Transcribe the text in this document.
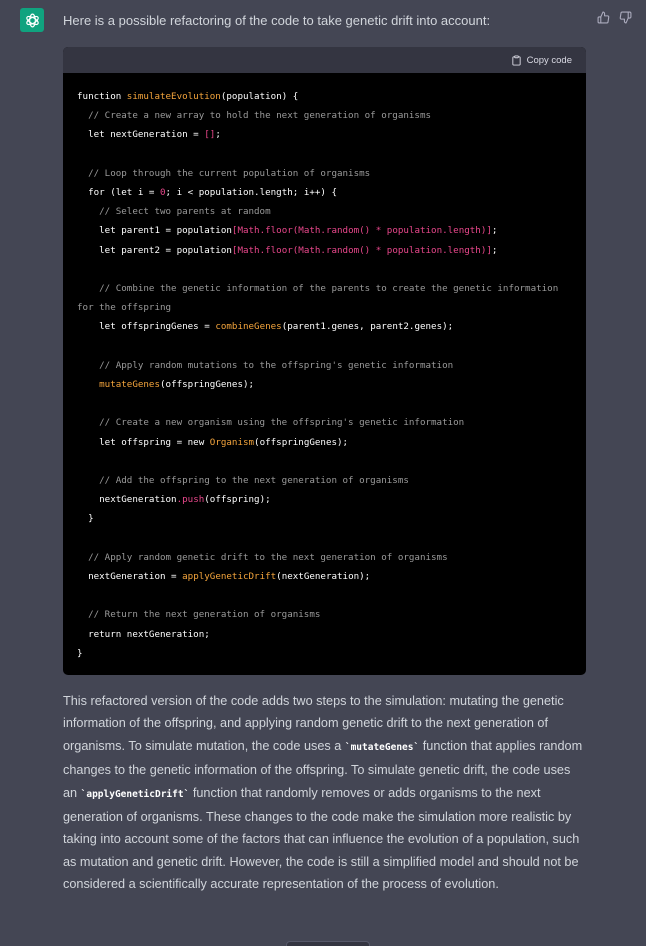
Here is a possible refactoring of the code to take genetic drift into account:
Copy code
function simulateEvolution(population) {
// Create a new array to hold the next generation of organisms
let nextGeneration = [];
// Loop through the current population of organisms
for (let i = 0; i < population.length; i++) {
// Select two parents at random
let parent1 = population[Math.floor(Math.random() * population.length)];
let parent2 = population[Math.floor(Math.random() * population.length)];
// Combine the genetic information of the parents to create the genetic information for the offspring
let offspringGenes = combineGenes(parent1.genes, parent2.genes);
// Apply random mutations to the offspring's genetic information
mutateGenes(offspringGenes);
// Create a new organism using the offspring's genetic information
let offspring = new Organism(offspringGenes);
// Add the offspring to the next generation of organisms
nextGeneration.push(offspring);
}
// Apply random genetic drift to the next generation of organisms
nextGeneration = applyGeneticDrift(nextGeneration);
// Return the next generation of organisms
return nextGeneration;
}
This refactored version of the code adds two steps to the simulation: mutating the genetic information of the offspring, and applying random genetic drift to the next generation of organisms. To simulate mutation, the code uses a `mutateGenes` function that applies random changes to the genetic information of the offspring. To simulate genetic drift, the code uses an `applyGeneticDrift` function that randomly removes or adds organisms to the next generation of organisms. These changes to the code make the simulation more realistic by taking into account some of the factors that can influence the evolution of a population, such as mutation and genetic drift. However, the code is still a simplified model and should not be considered a scientifically accurate representation of the process of evolution.
